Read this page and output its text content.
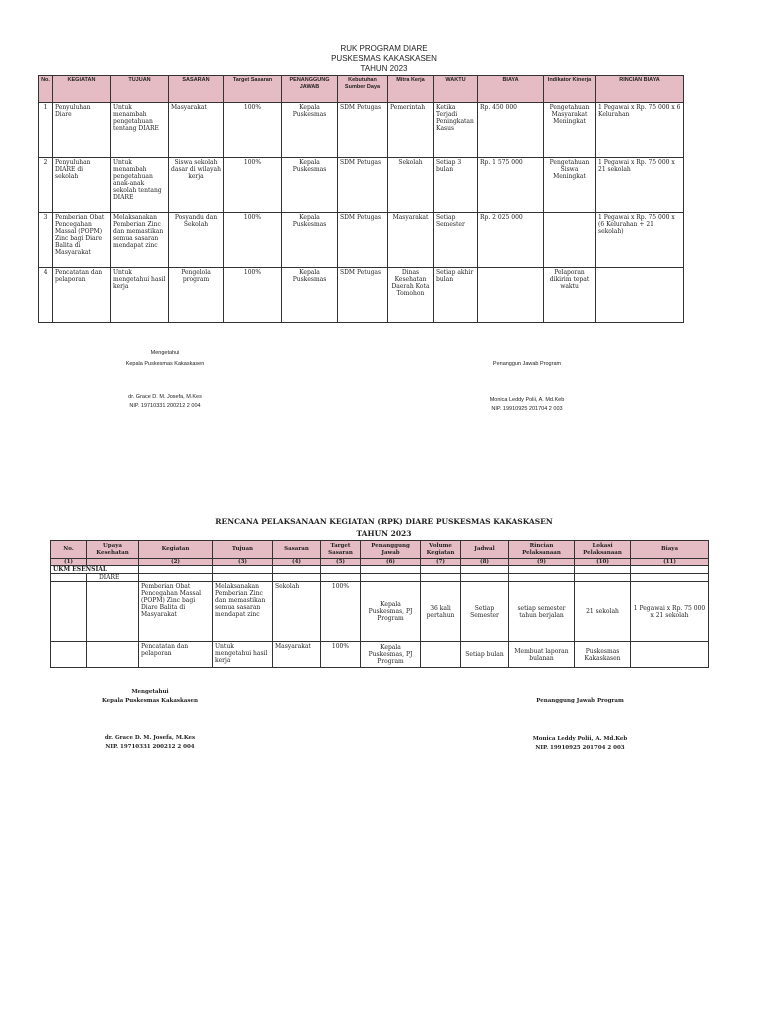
RUK PROGRAM DIARE
PUSKESMAS KAKASKASEN
TAHUN 2023
No.	KEGIATAN	TUJUAN	SASARAN	Target Sasaran	PENANGGUNG JAWAB	Kebutuhan Sumber Daya	Mitra Kerja	WAKTU	BIAYA	Indikator Kinerja	RINCIAN BIAYA
1	Penyuluhan Diare	Untuk menambah pengetahuan tentang DIARE	Masyarakat	100%	Kepala Puskesmas	SDM Petugas	Pemerintah	Ketika Terjadi Peningkatan Kasus	Rp. 450 000	Pengetahuan Masyarakat Meningkat	1 Pegawai x Rp. 75 000 x 6 Kelurahan
2	Penyuluhan DIARE di sekolah	Untuk menambah pengetahuan anak-anak sekolah tentang DIARE	Siswa sekolah dasar di wilayah kerja	100%	Kepala Puskesmas	SDM Petugas	Sekolah	Setiap 3 bulan	Rp. 1 575 000	Pengetahuan Siswa Meningkat	1 Pegawai x Rp. 75 000 x 21 sekolah
3	Pemberian Obat Pencegahan Massal (POPM) Zinc bagi Diare Balita di Masyarakat	Melaksanakan Pemberian Zinc dan memastikan semua sasaran mendapat zinc	Posyandu dan Sekolah	100%	Kepala Puskesmas	SDM Petugas	Masyarakat	Setiap Semester	Rp. 2 025 000		1 Pegawai x Rp. 75 000 x (6 Kelurahan + 21 sekolah)
4	Pencatatan dan pelaporan	Untuk mengetahui hasil kerja	Pengelola program	100%	Kepala Puskesmas	SDM Petugas	Dinas Kesehatan Daerah Kota Tomohon	Setiap akhir bulan		Pelaporan dikirim tepat waktu	
Mengetahui
Kepala Puskesmas Kakaskasen
dr. Grace D. M. Josefa, M.Kes
NIP. 19710331 200212 2 004
Penanggun Jawab Program
Monica Leddy Polii, A. Md.Keb
NIP. 19910925 201704 2 003
RENCANA PELAKSANAAN KEGIATAN (RPK) DIARE PUSKESMAS KAKASKASEN
TAHUN 2023
No.	Upaya Kesehatan	Kegiatan	Tujuan	Sasaran	Target Sasaran	Penanggung Jawab	Volume Kegiatan	Jadwal	Rincian Pelaksanaan	Lokasi Pelaksanaan	Biaya
(1)		(2)	(3)	(4)	(5)	(6)	(7)	(8)	(9)	(10)	(11)
UKM ESENSIAL											
	DIARE										
		Pemberian Obat Pencegahan Massal (POPM) Zinc bagi Diare Balita di Masyarakat	Melaksanakan Pemberian Zinc dan memastikan semua sasaran mendapat zinc	Sekolah	100%	Kepala Puskesmas, PJ Program	36 kali pertahun	Setiap Semester	setiap semester tahun berjalan	21 sekolah	1 Pegawai x Rp. 75 000 x 21 sekolah
		Pencatatan dan pelaporan	Untuk mengetahui hasil kerja	Masyarakat	100%	Kepala Puskesmas, PJ Program		Setiap bulan	Membuat laporan bulanan	Puskesmas Kakaskasen	
Mengetahui
Kepala Puskesmas Kakaskasen
dr. Grace D. M. Josefa, M.Kes
NIP. 19710331 200212 2 004
Penanggung Jawab Program
Monica Leddy Polii, A. Md.Keb
NIP. 19910925 201704 2 003
